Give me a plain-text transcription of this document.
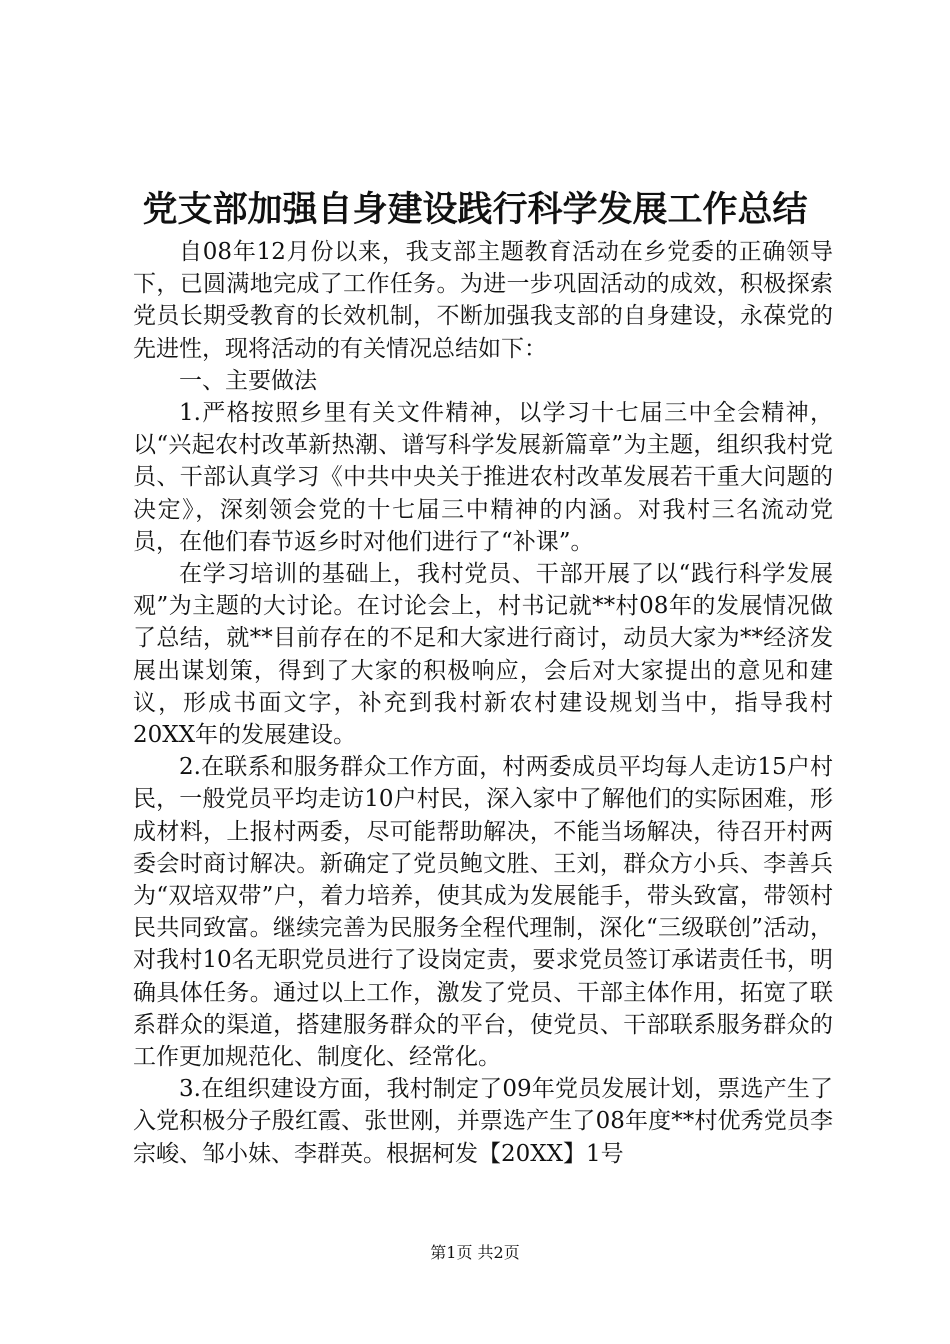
党支部加强自身建设践行科学发展工作总结

自08年12月份以来，我支部主题教育活动在乡党委的正确领导下，已圆满地完成了工作任务。为进一步巩固活动的成效，积极探索党员长期受教育的长效机制，不断加强我支部的自身建设，永葆党的先进性，现将活动的有关情况总结如下：

一、主要做法

1.严格按照乡里有关文件精神，以学习十七届三中全会精神，以“兴起农村改革新热潮、谱写科学发展新篇章”为主题，组织我村党员、干部认真学习《中共中央关于推进农村改革发展若干重大问题的决定》，深刻领会党的十七届三中精神的内涵。对我村三名流动党员，在他们春节返乡时对他们进行了“补课”。

在学习培训的基础上，我村党员、干部开展了以“践行科学发展观”为主题的大讨论。在讨论会上，村书记就**村08年的发展情况做了总结，就**目前存在的不足和大家进行商讨，动员大家为**经济发展出谋划策，得到了大家的积极响应，会后对大家提出的意见和建议，形成书面文字，补充到我村新农村建设规划当中，指导我村20XX年的发展建设。

2.在联系和服务群众工作方面，村两委成员平均每人走访15户村民，一般党员平均走访10户村民，深入家中了解他们的实际困难，形成材料，上报村两委，尽可能帮助解决，不能当场解决，待召开村两委会时商讨解决。新确定了党员鲍文胜、王刘，群众方小兵、李善兵为“双培双带”户，着力培养，使其成为发展能手，带头致富，带领村民共同致富。继续完善为民服务全程代理制，深化“三级联创”活动，对我村10名无职党员进行了设岗定责，要求党员签订承诺责任书，明确具体任务。通过以上工作，激发了党员、干部主体作用，拓宽了联系群众的渠道，搭建服务群众的平台，使党员、干部联系服务群众的工作更加规范化、制度化、经常化。

3.在组织建设方面，我村制定了09年党员发展计划，票选产生了入党积极分子殷红霞、张世刚，并票选产生了08年度**村优秀党员李宗峻、邹小妹、李群英。根据柯发【20XX】1号

第1页 共2页
